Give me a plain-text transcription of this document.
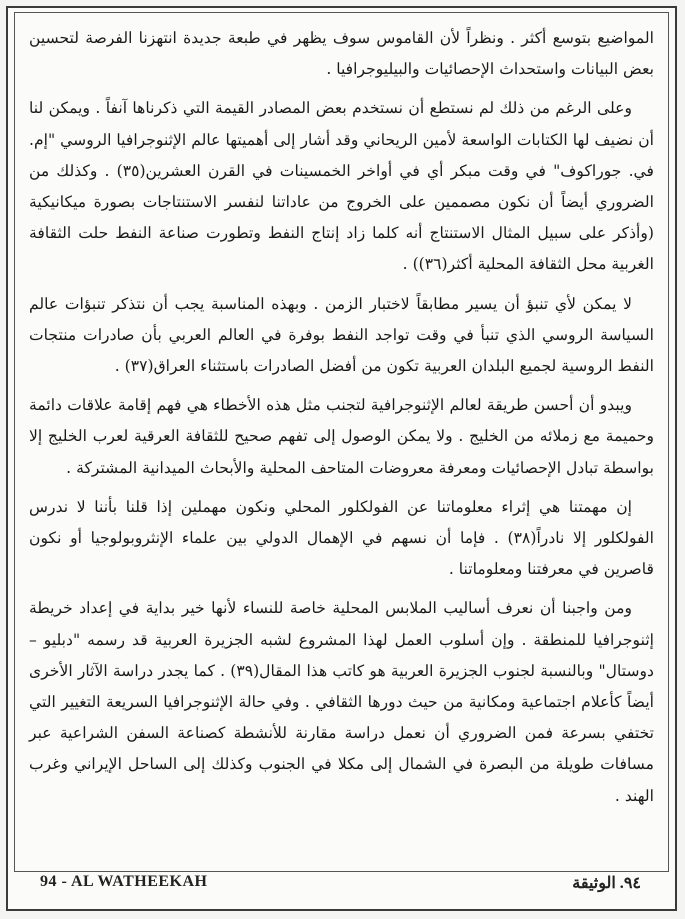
المواضيع بتوسع أكثر . ونظراً لأن القاموس سوف يظهر في طبعة جديدة انتهزنا الفرصة لتحسين بعض البيانات واستحداث الإحصائيات والبيليوجرافيا .

وعلى الرغم من ذلك لم نستطع أن نستخدم بعض المصادر القيمة التي ذكرناها آنفاً . ويمكن لنا أن نضيف لها الكتابات الواسعة لأمين الريحاني وقد أشار إلى أهميتها عالم الإثنوجرافيا الروسي "إم. في. جوراكوف" في وقت مبكر أي في أواخر الخمسينات في القرن العشرين(٣٥) . وكذلك من الضروري أيضاً أن نكون مصممين على الخروج من عاداتنا لنفسر الاستنتاجات بصورة ميكانيكية (وأذكر على سبيل المثال الاستنتاج أنه كلما زاد إنتاج النفط وتطورت صناعة النفط حلت الثقافة الغربية محل الثقافة المحلية أكثر(٣٦)) .

لا يمكن لأي تنبؤ أن يسير مطابقاً لاختبار الزمن . وبهذه المناسبة يجب أن نتذكر تنبؤات عالم السياسة الروسي الذي تنبأ في وقت تواجد النفط بوفرة في العالم العربي بأن صادرات منتجات النفط الروسية لجميع البلدان العربية تكون من أفضل الصادرات باستثناء العراق(٣٧) .

ويبدو أن أحسن طريقة لعالم الإثنوجرافية لتجنب مثل هذه الأخطاء هي فهم إقامة علاقات دائمة وحميمة مع زملائه من الخليج . ولا يمكن الوصول إلى تفهم صحيح للثقافة العرقية لعرب الخليج إلا بواسطة تبادل الإحصائيات ومعرفة معروضات المتاحف المحلية والأبحاث الميدانية المشتركة .

إن مهمتنا هي إثراء معلوماتنا عن الفولكلور المحلي ونكون مهملين إذا قلنا بأننا لا ندرس الفولكلور إلا نادراً(٣٨) . فإما أن نسهم في الإهمال الدولي بين علماء الإنثروبولوجيا أو نكون قاصرين في معرفتنا ومعلوماتنا .

ومن واجبنا أن نعرف أساليب الملابس المحلية خاصة للنساء لأنها خير بداية في إعداد خريطة إثنوجرافيا للمنطقة . وإن أسلوب العمل لهذا المشروع لشبه الجزيرة العربية قد رسمه "دبليو – دوستال" وبالنسبة لجنوب الجزيرة العربية هو كاتب هذا المقال(٣٩) . كما يجدر دراسة الآثار الأخرى أيضاً كأعلام اجتماعية ومكانية من حيث دورها الثقافي . وفي حالة الإثنوجرافيا السريعة التغيير التي تختفي بسرعة فمن الضروري أن نعمل دراسة مقارنة للأنشطة كصناعة السفن الشراعية عبر مسافات طويلة من البصرة في الشمال إلى مكلا في الجنوب وكذلك إلى الساحل الإيراني وغرب الهند .

94 - AL WATHEEKAH	٩٤. الوثيقة
